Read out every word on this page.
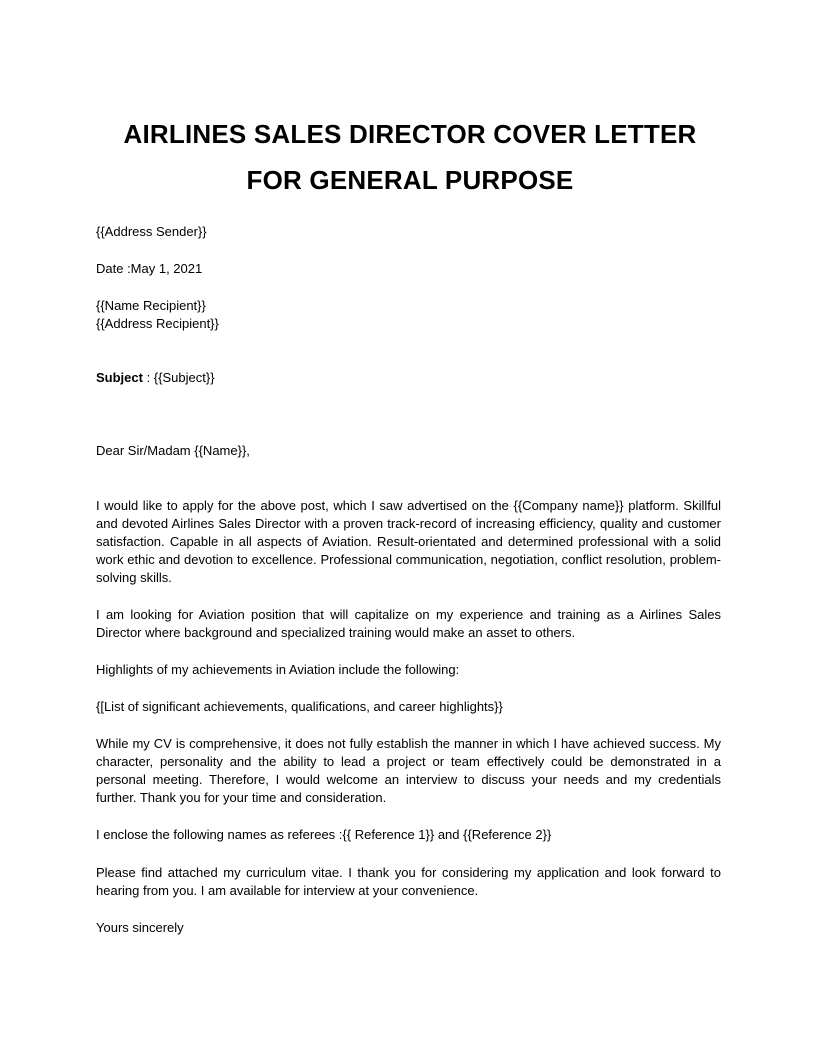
AIRLINES SALES DIRECTOR COVER LETTER
FOR GENERAL PURPOSE
{{Address Sender}}
Date :May 1, 2021
{{Name Recipient}}
{{Address Recipient}}
Subject : {{Subject}}
Dear Sir/Madam {{Name}},
I would like to apply for the above post, which I saw advertised on the {{Company name}} platform. Skillful and devoted Airlines Sales Director with a proven track-record of increasing efficiency, quality and customer satisfaction. Capable in all aspects of Aviation. Result-orientated and determined professional with a solid work ethic and devotion to excellence. Professional communication, negotiation, conflict resolution, problem-solving skills.
I am looking for Aviation position that will capitalize on my experience and training as a Airlines Sales Director where background and specialized training would make an asset to others.
Highlights of my achievements in Aviation include the following:
{[List of significant achievements, qualifications, and career highlights}}
While my CV is comprehensive, it does not fully establish the manner in which I have achieved success. My character, personality and the ability to lead a project or team effectively could be demonstrated in a personal meeting. Therefore, I would welcome an interview to discuss your needs and my credentials further. Thank you for your time and consideration.
I enclose the following names as referees :{{ Reference 1}} and {{Reference 2}}
Please find attached my curriculum vitae. I thank you for considering my application and look forward to hearing from you. I am available for interview at your convenience.
Yours sincerely
